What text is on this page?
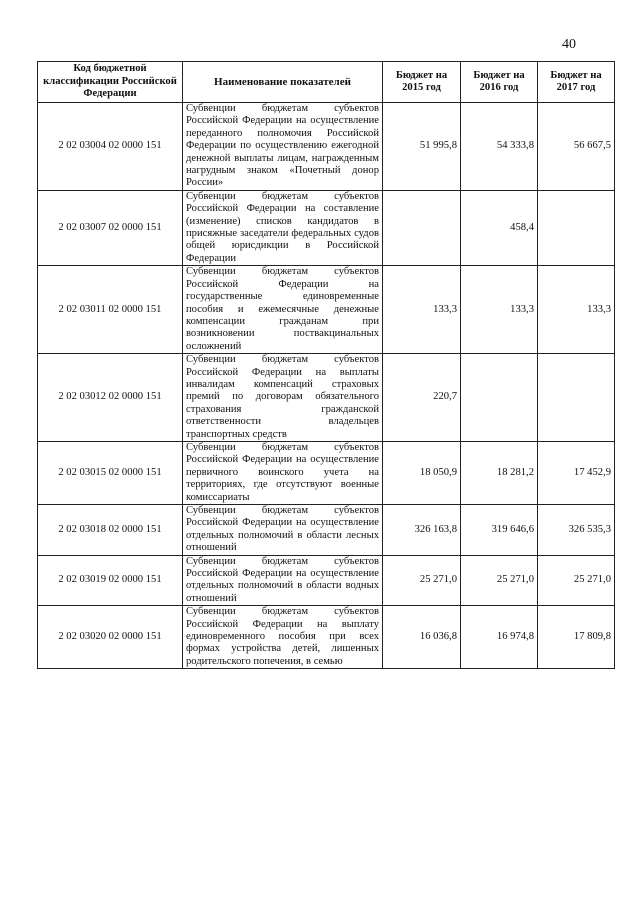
40
Код бюджетной классификации Российской Федерации	Наименование показателей	Бюджет на 2015 год	Бюджет на 2016 год	Бюджет на 2017 год
2 02 03004 02 0000 151	Субвенции бюджетам субъектов Российской Федерации на осуществление переданного полномочия Российской Федерации по осуществлению ежегодной денежной выплаты лицам, награжденным нагрудным знаком «Почетный донор России»	51 995,8	54 333,8	56 667,5
2 02 03007 02 0000 151	Субвенции бюджетам субъектов Российской Федерации на составление (изменение) списков кандидатов в присяжные заседатели федеральных судов общей юрисдикции в Российской Федерации		458,4	
2 02 03011 02 0000 151	Субвенции бюджетам субъектов Российской Федерации на государственные единовременные пособия и ежемесячные денежные компенсации гражданам при возникновении поствакцинальных осложнений	133,3	133,3	133,3
2 02 03012 02 0000 151	Субвенции бюджетам субъектов Российской Федерации на выплаты инвалидам компенсаций страховых премий по договорам обязательного страхования гражданской ответственности владельцев транспортных средств	220,7		
2 02 03015 02 0000 151	Субвенции бюджетам субъектов Российской Федерации на осуществление первичного воинского учета на территориях, где отсутствуют военные комиссариаты	18 050,9	18 281,2	17 452,9
2 02 03018 02 0000 151	Субвенции бюджетам субъектов Российской Федерации на осуществление отдельных полномочий в области лесных отношений	326 163,8	319 646,6	326 535,3
2 02 03019 02 0000 151	Субвенции бюджетам субъектов Российской Федерации на осуществление отдельных полномочий в области водных отношений	25 271,0	25 271,0	25 271,0
2 02 03020 02 0000 151	Субвенции бюджетам субъектов Российской Федерации на выплату единовременного пособия при всех формах устройства детей, лишенных родительского попечения, в семью	16 036,8	16 974,8	17 809,8
